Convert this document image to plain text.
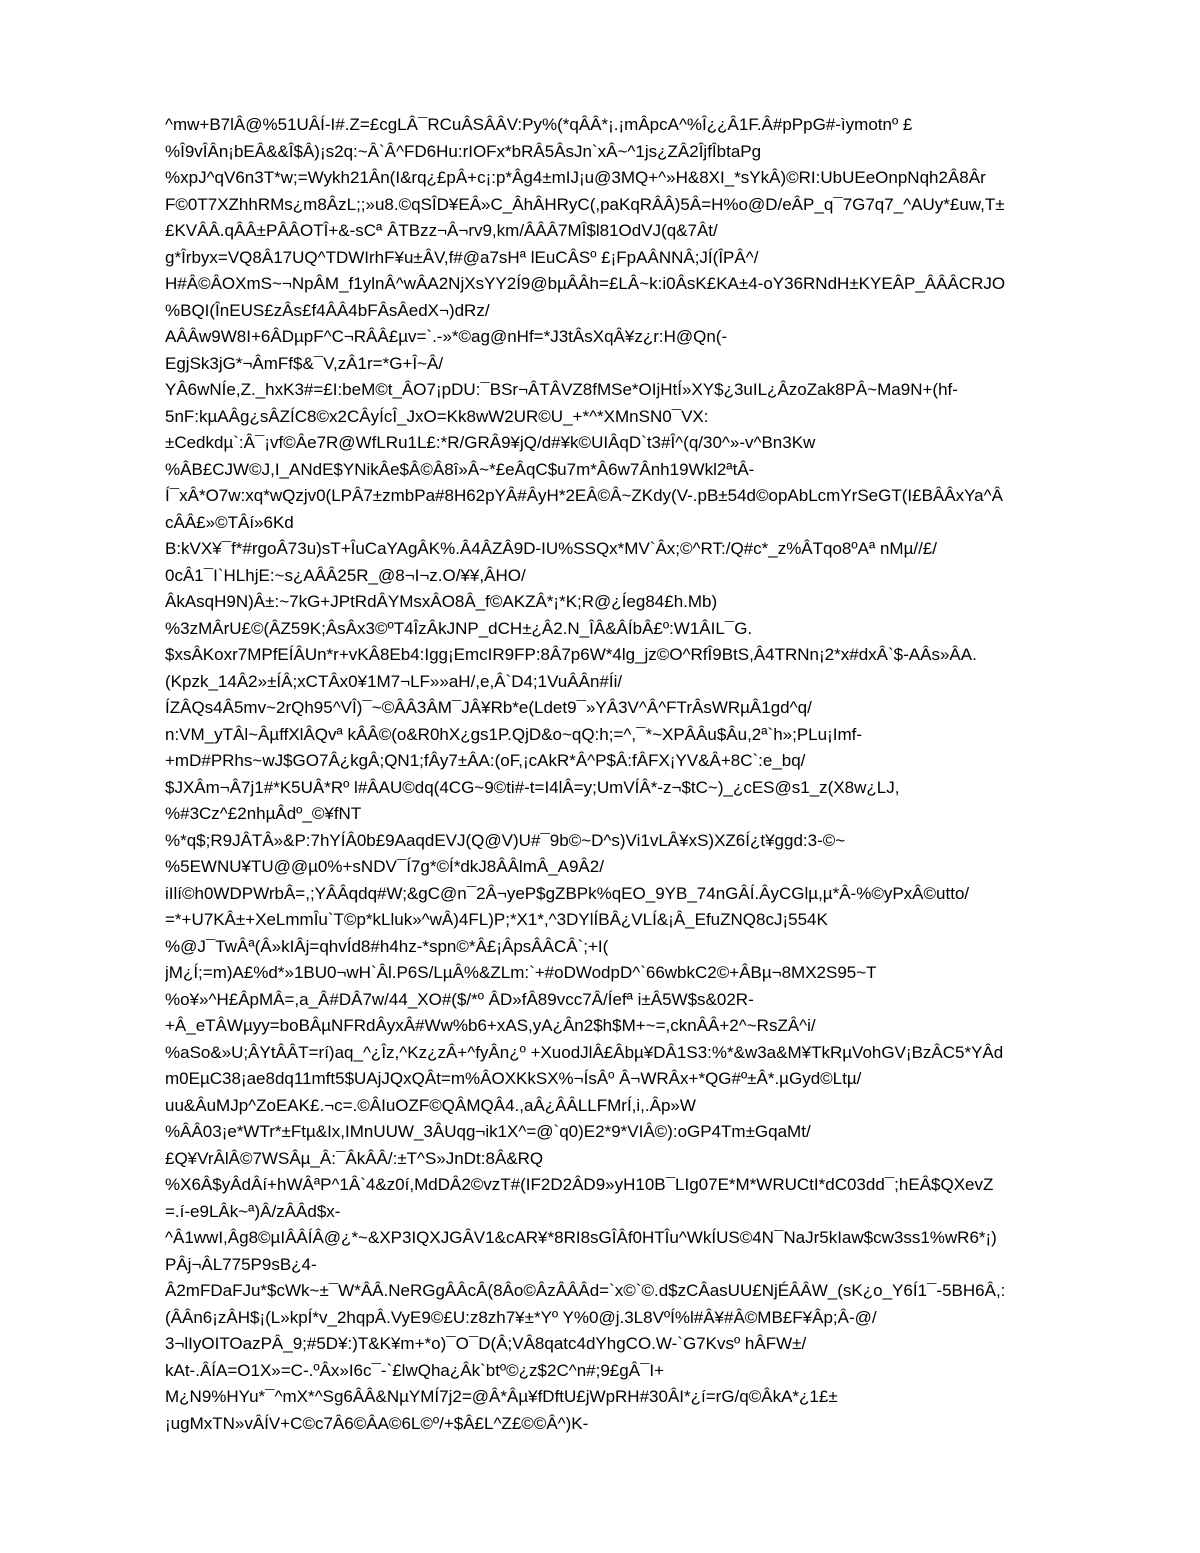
^mw+B7lÂ@%51UÂÍ-I#.Z=£cgLÂ¯RCuÂSÂÂV:Py%(*qÂÂ*¡.¡mÂpcA^%Î¿¿Â1F.Â#pPpG#-ìymotnº £
%Î9vÎÂn¡bEÂ&&Î$Â)¡s2q:~Â`Â^FD6Hu:rIOFx*bRÂ5ÂsJn`xÂ~^1js¿ZÂ2ÎjfÎbtaPg
%xpJ^qV6n3T*w;=Wykh21Ân(I&rq¿£pÂ+c¡:p*Âg4±mIJ¡u@3MQ+^»H&8XI_*sYkÂ)©RI:UbUEeOnpNqh2Â8Âr
F©0T7XZhhRMs¿m8ÂzL;;»u8.©qSÎD¥EÂ»C_ÂhÂHRyC(,paKqRÂÂ)5Â=H%o@D/eÂP_q¯7G7q7_^AUy*£uw,T±
£KVÂÂ.qÂÂ±PÂÂOTÎ+&-sCª ÂTBzz¬Â¬rv9,km/ÂÂÂ7MÎ$l81OdVJ(q&7Ât/
g*Îrbyx=VQ8Â17UQ^TDWIrhF¥u±ÂV,f#@a7sHª lEuCÂSº £¡FpAÂNNÂ;JÍ(ÎPÂ^/
H#Â©ÂOXmS~¬NpÂM_f1ylnÂ^wÂA2NjXsYY2Í9@bµÂÂh=£LÂ~k:i0ÂsK£KA±4-oY36RNdH±KYEÂP_ÂÂÂCRJO
%BQI(ÎnEUS£zÂs£f4ÂÂ4bFÂsÂedX¬)dRz/
AÂÂw9W8I+6ÂDµpF^C¬RÂÂ£µv=`.-»*©ag@nHf=*J3tÂsXqÂ¥z¿r:H@Qn(-
EgjSk3jG*¬ÂmFf$&¯V,zÂ1r=*G+Î~Â/
YÂ6wNÍe,Z._hxK3#=£I:beM©t_ÂO7¡pDU:¯BSr¬ÂTÂVZ8fMSe*OIjHtÍ»XY$¿3uIL¿ÂzoZak8PÂ~Ma9N+(hf-
5nF:kµAÂg¿sÂZÍC8©x2CÂyÍcÎ_JxO=Kk8wW2UR©U_+*^*XMnSN0¯VX:
±Cedkdµ`:Â¯¡vf©Âe7R@WfLRu1L£:*R/GRÂ9¥jQ/d#¥k©UIÂqD`t3#Î^(q/30^»-v^Bn3Kw
%ÂB£CJW©J,I_ANdE$YNikÂe$Â©Â8î»Â~*£eÂqC$u7m*Â6w7Ânh19Wkl2ªtÂ-
Í¯xÂ*O7w:xq*wQzjv0(LPÂ7±zmbPa#8H62pYÂ#ÂyH*2EÂ©Â~ZKdy(V-.pB±54d©opAbLcmYrSeGT(I£BÂÂxYa^Â
cÂÂ£»©TÂí»6Kd
B:kVX¥¯f*#rgoÂ73u)sT+ÎuCaYAgÂK%.Â4ÂZÂ9D-IU%SSQx*MV`Âx;©^RT:/Q#c*_z%ÂTqo8ºAª nMµ//£/
0cÂ1¯I`HLhjE:~s¿AÂÂ25R_@8¬I¬z.O/¥¥,ÂHO/
ÂkAsqH9N)Â±:~7kG+JPtRdÂYMsxÂO8Â_f©AKZÂ*¡*K;R@¿Íeg84£h.Mb)
%3zMÂrU£©(ÂZ59K;ÂsÂx3©ºT4ÎzÂkJNP_dCH±¿Â2.N_ÎÂ&ÂÍbÂ£º:W1ÂIL¯G.
$xsÂKoxr7MPfEÍÂUn*r+vKÂ8Eb4:Igg¡EmcIR9FP:8Â7p6W*4lg_jz©O^RfÎ9BtS,Â4TRNn¡2*x#dxÂ`$-AÂs»ÂA.
(Kpzk_14Â2»±ÍÂ;xCTÂx0¥1M7¬LF»»aH/,e,Â`D4;1VuÂÂn#Íi/
ÍZÂQs4Â5mv~2rQh95^VÎ)¯~©ÂÂ3ÂM¯JÂ¥Rb*e(Ldet9¯»YÂ3V^Â^FTrÂsWRµÂ1gd^q/
n:VM_yTÂl~ÂµffXlÂQvª kÂÂ©(o&R0hX¿gs1P.QjD&o~qQ:h;=^,¯*~XPÂÂu$Âu,2ª`h»;PLu¡Imf-
+mD#PRhs~wJ$GO7Â¿kgÂ;QN1;fÂy7±ÂA:(oF,¡cAkR*Â^P$Â:fÂFX¡YV&Â+8C`:e_bq/
$JXÂm¬Â7j1#*K5UÂ*Rº l#ÂAU©dq(4CG~9©ti#-t=I4lÂ=y;UmVÍÂ*-z¬$tC~)_¿cES@s1_z(X8w¿LJ,
%#3Cz^£2nhµÂdº_©¥fNT
%*q$;R9JÂTÂ»&P:7hYÍÂ0b£9AaqdEVJ(Q@V)U#¯9b©~D^s)Vi1vLÂ¥xS)XZ6Í¿t¥ggd:3-©~
%5EWNU¥TU@@µ0%+sNDV¯Í7g*©Í*dkJ8ÂÂlmÂ_A9Â2/
iIlí©h0WDPWrbÂ=,;YÂÂqdq#W;&gC@n¯2Â¬yeP$gZBPk%qEO_9YB_74nGÂÍ.ÂyCGlµ,µ*Â-%©yPxÂ©utto/
=*+U7KÂ±+XeLmmÎu`T©p*kLluk»^wÂ)4FL)P;*X1*,^3DYlÍBÂ¿VLÍ&¡Â_EfuZNQ8cJ¡554K
%@J¯TwÂª(Â»kIÂj=qhvÍd8#h4hz-*spn©*Â£¡ÂpsÂÂCÂ`;+I(
jM¿Í;=m)A£%d*»1BU0¬wH`Âl.P6S/LµÂ%&ZLm:`+#oDWodpD^`66wbkC2©+ÂBµ¬8MX2S95~T
%o¥»^H£ÂpMÂ=,a_Â#DÂ7w/44_XO#($/*º ÂD»fÂ89vcc7Â/Íefª i±Â5W$s&02R-
+Â_eTÂWµyy=boBÂµNFRdÂyxÂ#Ww%b6+xAS,yA¿Ân2$h$M+~=,cknÂÂ+2^~RsZÂ^i/
%aSo&»U;ÂYtÂÂT=rí)aq_^¿Îz,^Kz¿zÂ+^fyÂn¿º +XuodJlÂ£Âbµ¥DÂ1S3:%*&w3a&M¥TkRµVohGV¡BzÂC5*YÂd
m0EµC38¡ae8dq11mft5$UAjJQxQÂt=m%ÂOXKkSX%¬ÍsÂº Â¬WRÂx+*QG#º±Â*.µGyd©Ltµ/
uu&ÂuMJp^ZoEAK£.¬c=.©ÂIuOZF©QÂMQÂ4.,aÂ¿ÂÂLLFMrÍ,i,.Âp»W
%ÂÂ03¡e*WTr*±Ftµ&Ix,IMnUUW_3ÂUqg¬ik1X^=@`q0)E2*9*VIÂ©):oGP4Tm±GqaMt/
£Q¥VrÂlÂ©7WSÂµ_Â:¯ÂkÂÂ/:±T^S»JnDt:8Â&RQ
%X6Â$yÂdÂí+hWÂªP^1Â`4&z0í,MdDÂ2©vzT#(IF2D2ÂD9»yH10B¯LIg07E*M*WRUCtI*dC03dd¯;hEÂ$QXevZ
=.í-e9LÂk~ª)Â/zÂÂd$x-
^Â1wwI,Âg8©µIÂÂÍÂ@¿*~&XP3IQXJGÂV1&cAR¥*8RI8sGÎÂf0HTÎu^WkÍUS©4N¯NaJr5kIaw$cw3ss1%wR6*¡)
PÂj¬ÂL775P9sB¿4-
Â2mFDaFJu*$cWk~±¯W*ÂÂ.NeRGgÂÂcÂ(8Âo©ÂzÂÂÂd=`x©`©.d$zCÂasUU£NjÉÂÂW_(sK¿o_Y6Í1¯-5BH6Â,:
(ÂÂn6¡zÂH$¡(L»kpÍ*v_2hqpÂ.VyE9©£U:z8zh7¥±*Yº Y%0@j.3L8VºÍ%l#Â¥#Â©MB£F¥Âp;Â-@/
3¬lIyOITOazPÂ_9;#5D¥:)T&K¥m+*o)¯O¯D(Â;VÂ8qatc4dYhgCO.W-`G7Kvsº hÂFW±/
kAt-.ÂÍA=O1X»=C-.ºÂx»I6c¯-`£lwQha¿Âk`btº©¿z$2C^n#;9£gÂ¯I+
M¿N9%HYu*¯^mX*^Sg6ÂÂ&NµYMÍ7j2=@Â*Âµ¥fDftU£jWpRH#30ÂI*¿í=rG/q©ÂkA*¿1£±
¡ugMxTN»vÂÍV+C©c7Â6©ÂA©6L©º/+$Â£L^Z£©©Â^)K-
